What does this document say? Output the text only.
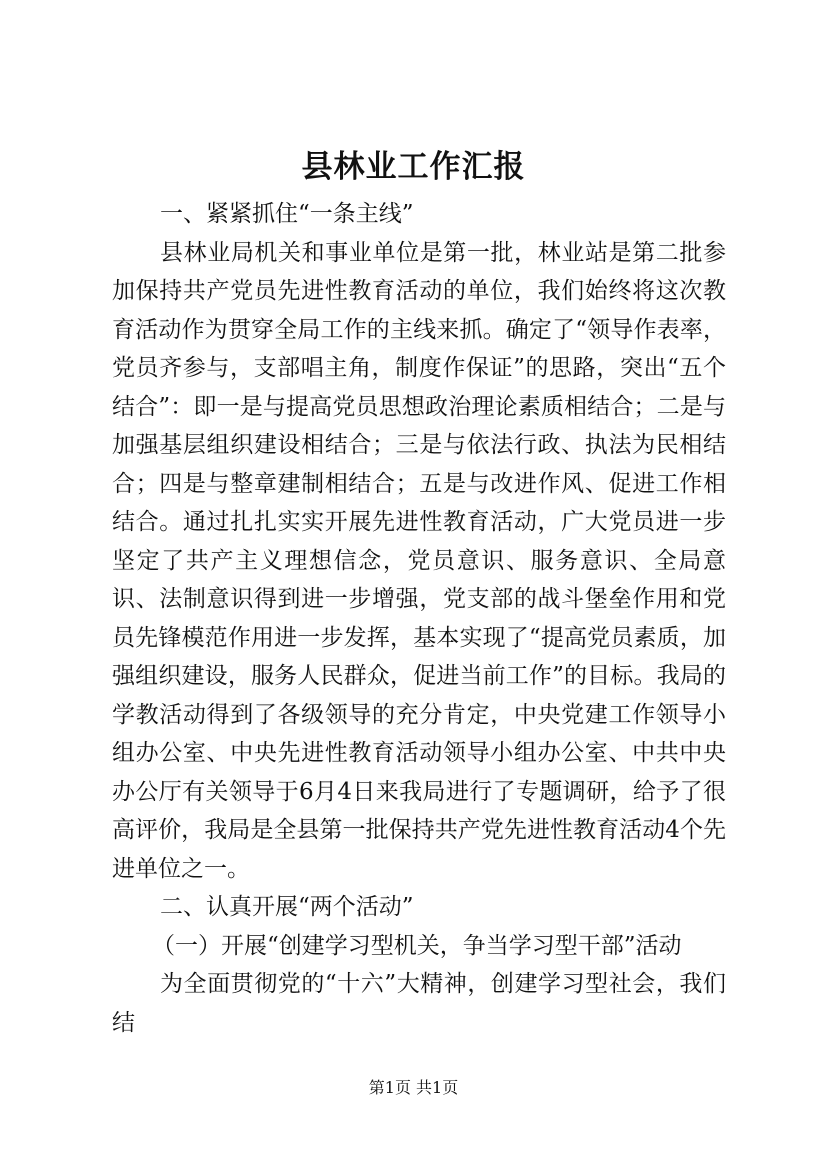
县林业工作汇报

一、紧紧抓住“一条主线”

县林业局机关和事业单位是第一批，林业站是第二批参加保持共产党员先进性教育活动的单位，我们始终将这次教育活动作为贯穿全局工作的主线来抓。确定了“领导作表率，党员齐参与，支部唱主角，制度作保证”的思路，突出“五个结合”：即一是与提高党员思想政治理论素质相结合；二是与加强基层组织建设相结合；三是与依法行政、执法为民相结合；四是与整章建制相结合；五是与改进作风、促进工作相结合。通过扎扎实实开展先进性教育活动，广大党员进一步坚定了共产主义理想信念，党员意识、服务意识、全局意识、法制意识得到进一步增强，党支部的战斗堡垒作用和党员先锋模范作用进一步发挥，基本实现了“提高党员素质，加强组织建设，服务人民群众，促进当前工作”的目标。我局的学教活动得到了各级领导的充分肯定，中央党建工作领导小组办公室、中央先进性教育活动领导小组办公室、中共中央办公厅有关领导于6月4日来我局进行了专题调研，给予了很高评价，我局是全县第一批保持共产党先进性教育活动4个先进单位之一。

二、认真开展“两个活动”

（一）开展“创建学习型机关，争当学习型干部”活动

为全面贯彻党的“十六”大精神，创建学习型社会，我们结

第1页 共1页
